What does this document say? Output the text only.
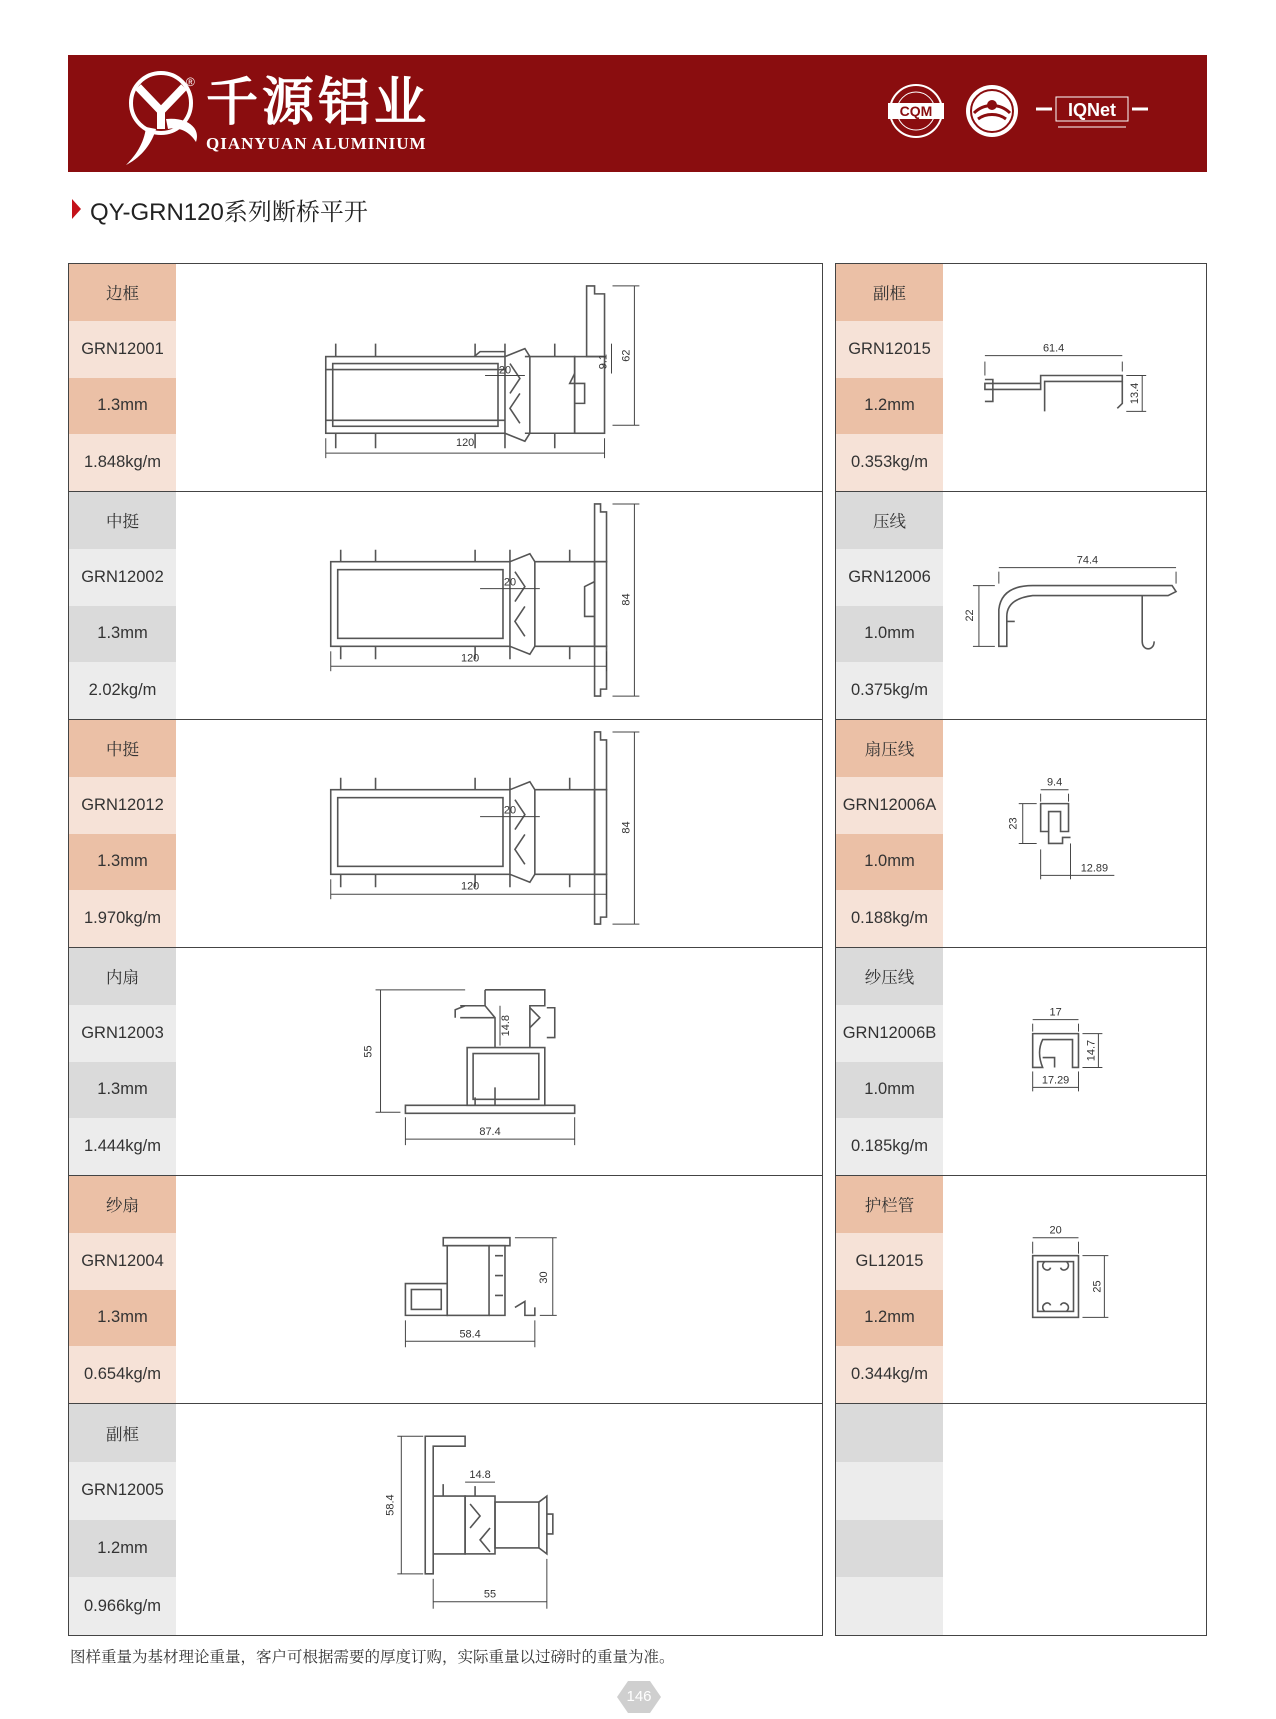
® 千源铝业
QIANYUAN ALUMINIUM
CQM	IQNet
QY-GRN120系列断桥平开
边框
GRN12001
1.3mm
1.848kg/m
120
20
62
9.1
中挺
GRN12002
1.3mm
2.02kg/m
120
20
84
中挺
GRN12012
1.3mm
1.970kg/m
120
20
84
内扇
GRN12003
1.3mm
1.444kg/m
87.4
55
14.8
纱扇
GRN12004
1.3mm
0.654kg/m
58.4
30
副框
GRN12005
1.2mm
0.966kg/m
55
58.4
14.8
副框
GRN12015
1.2mm
0.353kg/m
61.4
13.4
压线
GRN12006
1.0mm
0.375kg/m
74.4
22
扇压线
GRN12006A
1.0mm
0.188kg/m
9.4
23
12.89
纱压线
GRN12006B
1.0mm
0.185kg/m
17
14.7
17.29
护栏管
GL12015
1.2mm
0.344kg/m
20
25
图样重量为基材理论重量，客户可根据需要的厚度订购，实际重量以过磅时的重量为准。
146
